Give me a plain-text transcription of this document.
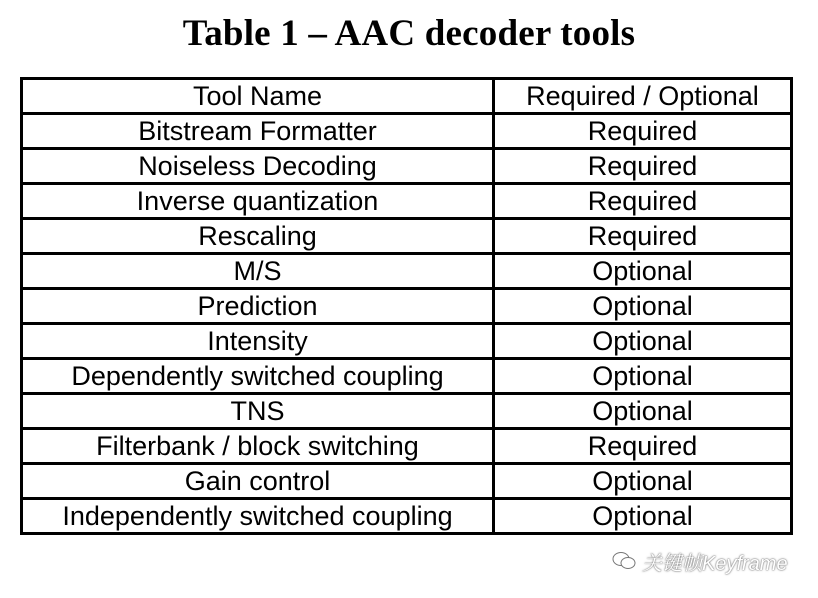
Table 1 – AAC decoder tools
Tool Name	Required / Optional
Bitstream Formatter	Required
Noiseless Decoding	Required
Inverse quantization	Required
Rescaling	Required
M/S	Optional
Prediction	Optional
Intensity	Optional
Dependently switched coupling	Optional
TNS	Optional
Filterbank / block switching	Required
Gain control	Optional
Independently switched coupling	Optional
关键帧Keyframe
